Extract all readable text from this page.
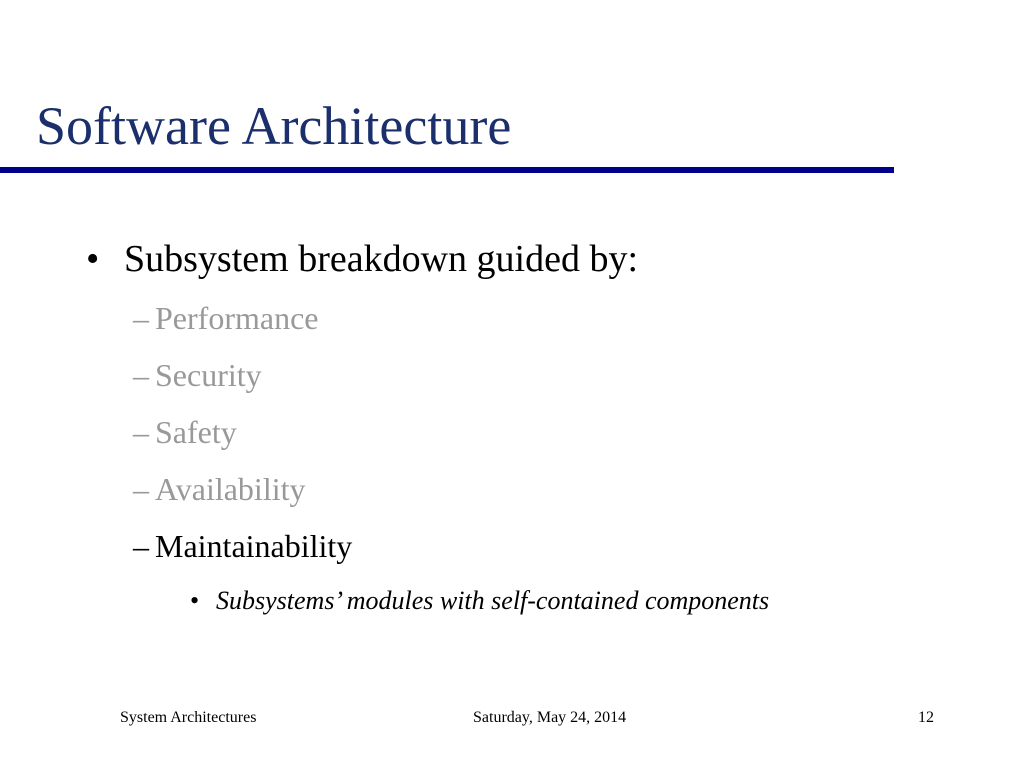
Software Architecture
• Subsystem breakdown guided by:
– Performance
– Security
– Safety
– Availability
– Maintainability
• Subsystems’ modules with self-contained components
System Architectures	Saturday, May 24, 2014	12
